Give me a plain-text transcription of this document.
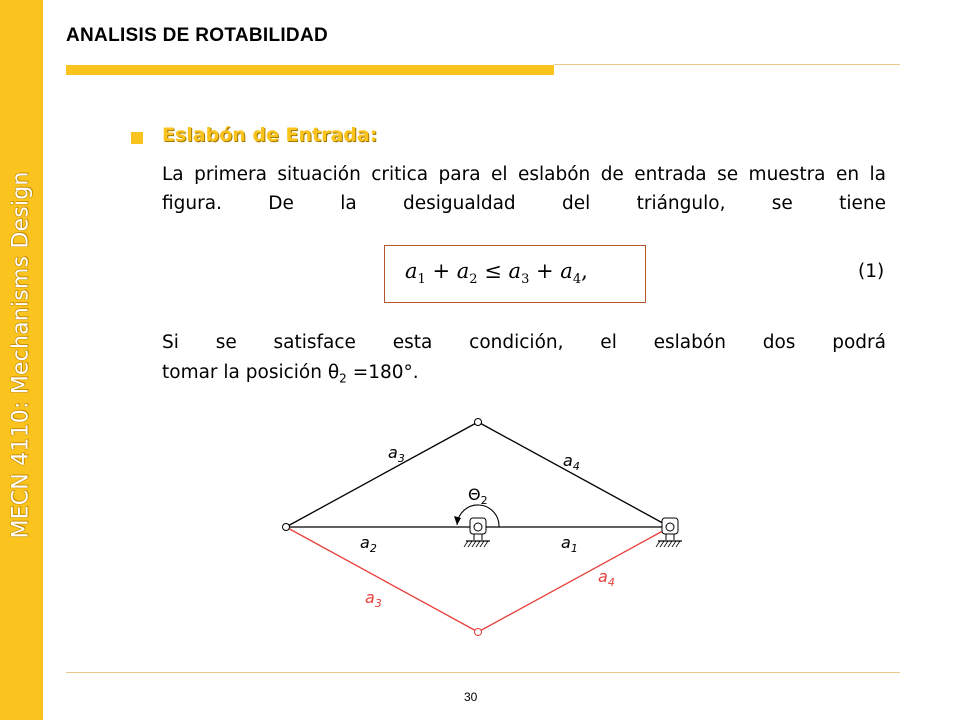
MECN 4110: Mechanisms Design
ANALISIS DE ROTABILIDAD
Eslabón de Entrada:
La primera situación critica para el eslabón de entrada se muestra en la figura. De la desigualdad del triángulo, se tiene
$a_1 + a_2 \le a_3 + a_4$,	(1)
Si se satisface esta condición, el eslabón dos podrá
tomar la posición $\theta_2 =180^\circ$.
$a_3$	$a_4$
$\Theta_2$
$a_2$	$a_1$
$a_3$
$a_4$
30
